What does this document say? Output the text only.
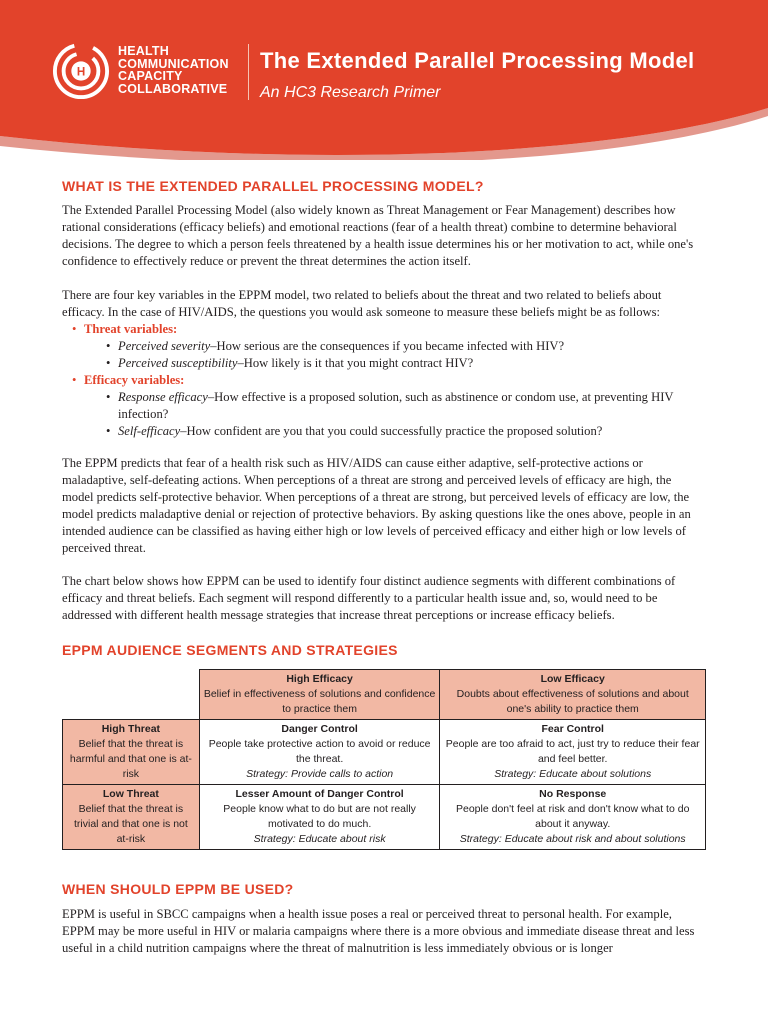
H
HEALTH
COMMUNICATION
CAPACITY
COLLABORATIVE
The Extended Parallel Processing Model
An HC3 Research Primer
WHAT IS THE EXTENDED PARALLEL PROCESSING MODEL?

The Extended Parallel Processing Model (also widely known as Threat Management or Fear Management) describes how rational considerations (efficacy beliefs) and emotional reactions (fear of a health threat) combine to determine behavioral decisions. The degree to which a person feels threatened by a health issue determines his or her motivation to act, while one's confidence to effectively reduce or prevent the threat determines the action itself.

There are four key variables in the EPPM model, two related to beliefs about the threat and two related to beliefs about efficacy. In the case of HIV/AIDS, the questions you would ask someone to measure these beliefs might be as follows:

• Threat variables:
• Perceived severity–How serious are the consequences if you became infected with HIV?
• Perceived susceptibility–How likely is it that you might contract HIV?
• Efficacy variables:
• Response efficacy–How effective is a proposed solution, such as abstinence or condom use, at preventing HIV infection?
• Self-efficacy–How confident are you that you could successfully practice the proposed solution?

The EPPM predicts that fear of a health risk such as HIV/AIDS can cause either adaptive, self-protective actions or maladaptive, self-defeating actions. When perceptions of a threat are strong and perceived levels of efficacy are high, the model predicts self-protective behavior. When perceptions of a threat are strong, but perceived levels of efficacy are low, the model predicts maladaptive denial or rejection of protective behaviors. By asking questions like the ones above, people in an intended audience can be classified as having either high or low levels of perceived efficacy and either high or low levels of perceived threat.

The chart below shows how EPPM can be used to identify four distinct audience segments with different combinations of efficacy and threat beliefs. Each segment will respond differently to a particular health issue and, so, would need to be addressed with different health message strategies that increase threat perceptions or increase efficacy beliefs.

EPPM AUDIENCE SEGMENTS AND STRATEGIES

	High Efficacy
Belief in effectiveness of solutions and confidence to practice them	Low Efficacy
Doubts about effectiveness of solutions and about one's ability to practice them

High Threat
Belief that the threat is harmful and that one is at-risk	Danger Control
People take protective action to avoid or reduce the threat.
Strategy: Provide calls to action	Fear Control
People are too afraid to act, just try to reduce their fear and feel better.
Strategy: Educate about solutions

Low Threat
Belief that the threat is trivial and that one is not at-risk	Lesser Amount of Danger Control
People know what to do but are not really motivated to do much.
Strategy: Educate about risk	No Response
People don't feel at risk and don't know what to do about it anyway.
Strategy: Educate about risk and about solutions
WHEN SHOULD EPPM BE USED?

EPPM is useful in SBCC campaigns when a health issue poses a real or perceived threat to personal health. For example, EPPM may be more useful in HIV or malaria campaigns where there is a more obvious and immediate disease threat and less useful in a child nutrition campaigns where the threat of malnutrition is less immediately obvious or is longer
